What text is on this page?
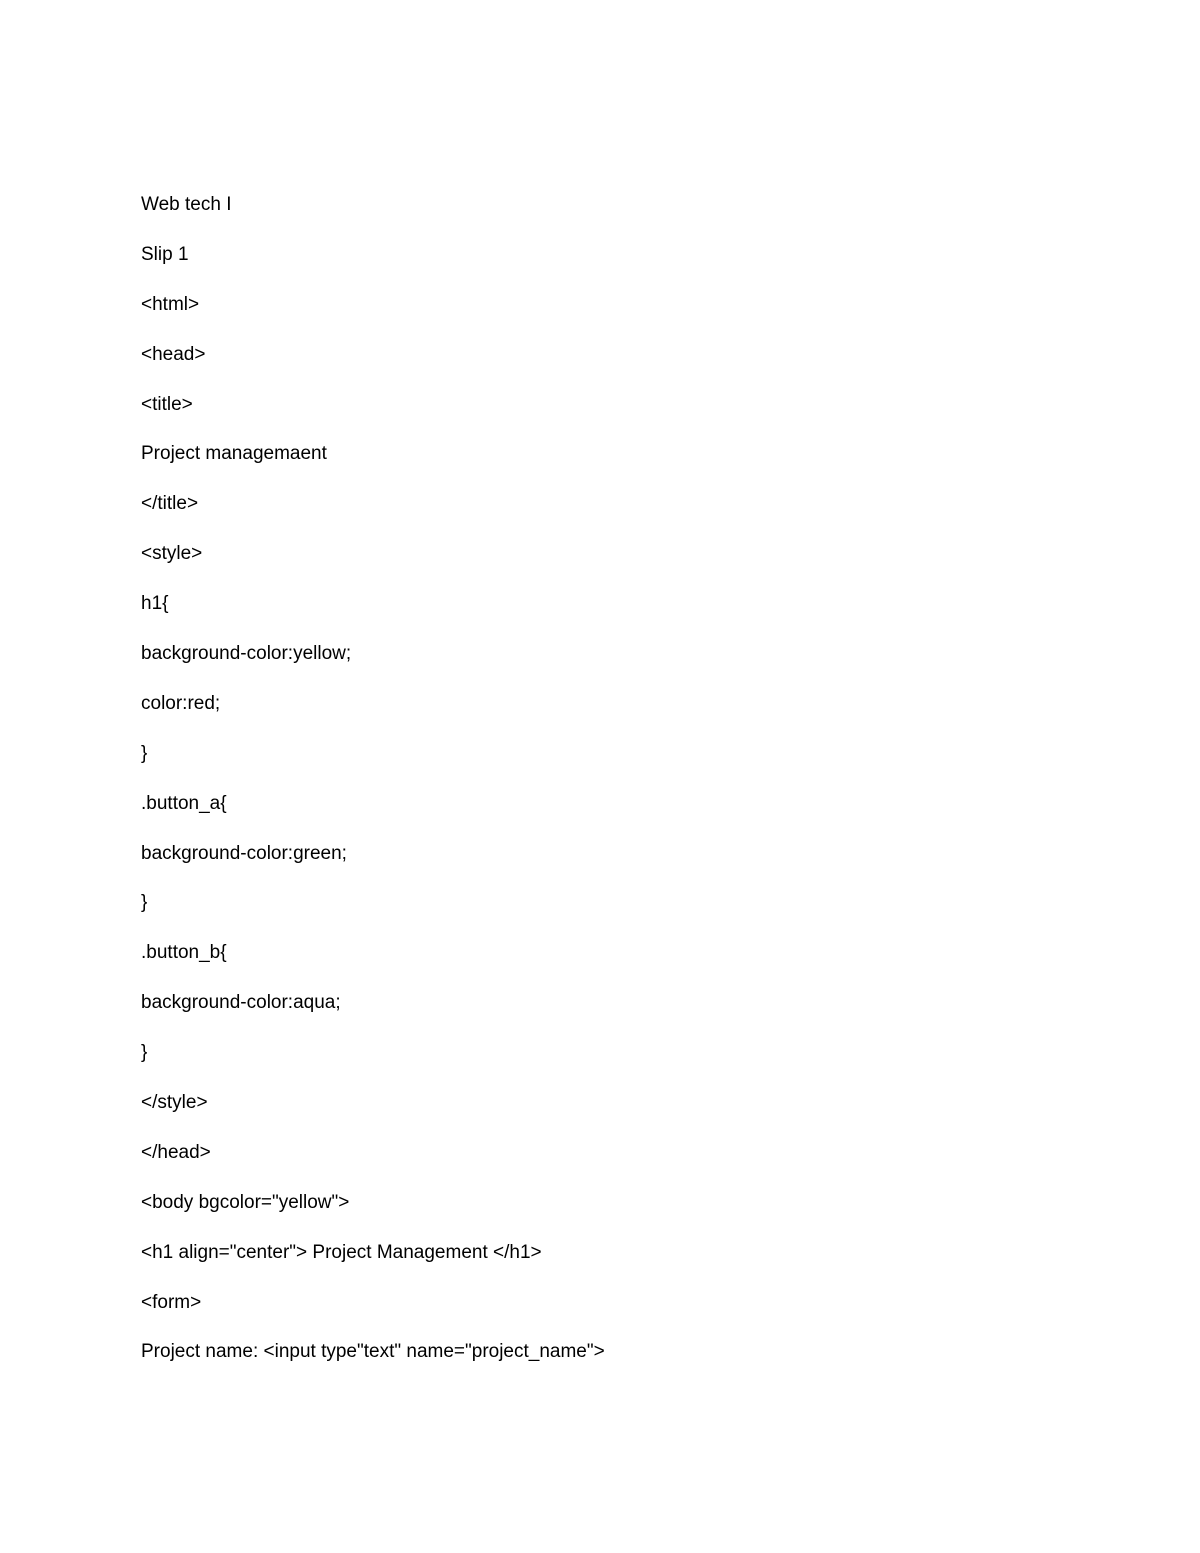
Web tech I
Slip 1
<html>
<head>
<title>
Project managemaent
</title>
<style>
h1{
background-color:yellow;
color:red;
}
.button_a{
background-color:green;
}
.button_b{
background-color:aqua;
}
</style>
</head>
<body bgcolor="yellow">
<h1 align="center"> Project Management </h1>
<form>
Project name: <input type"text" name="project_name">
